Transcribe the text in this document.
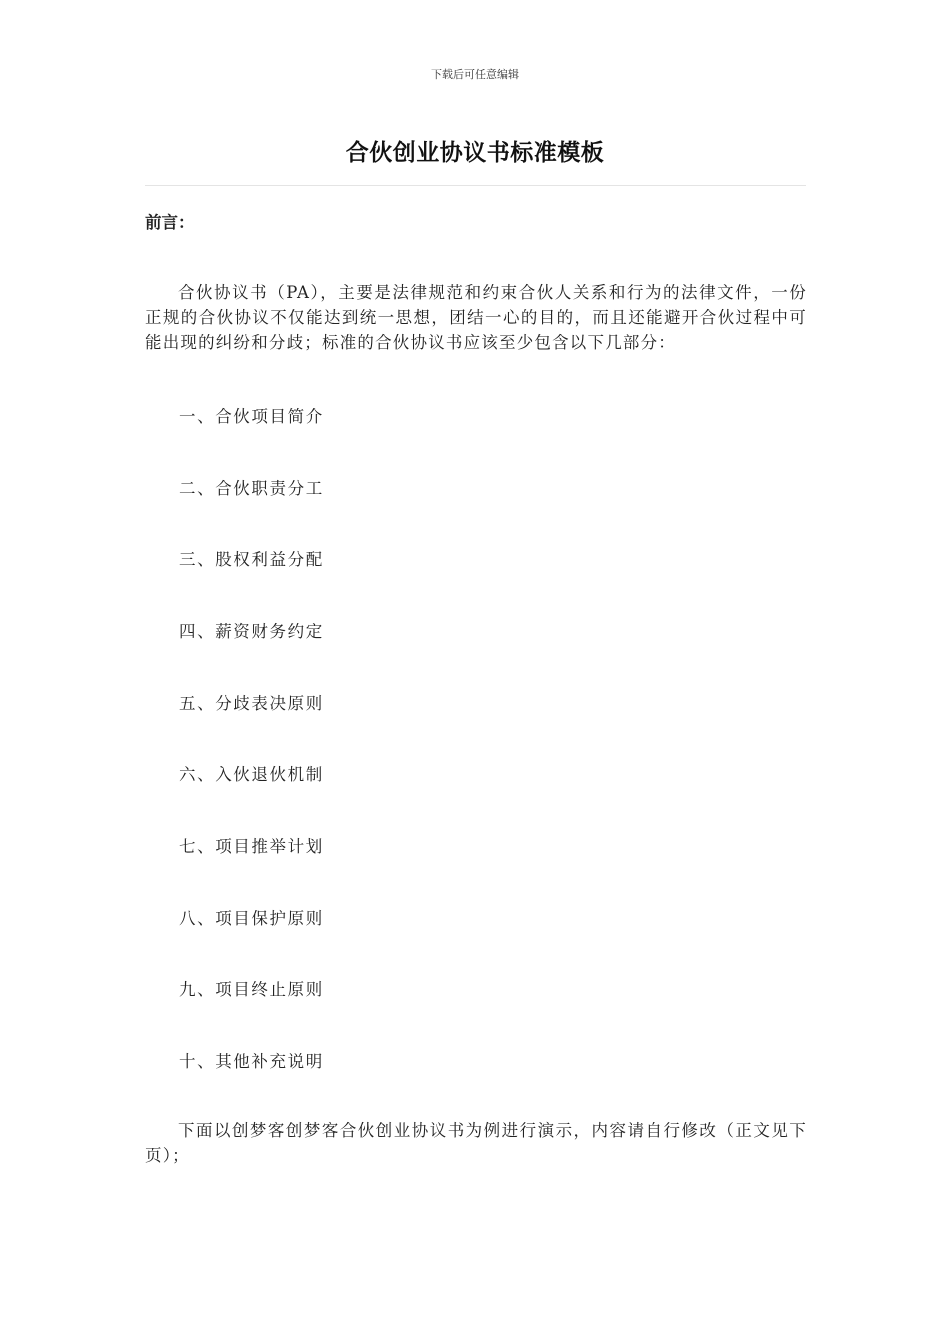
下载后可任意编辑
合伙创业协议书标准模板
前言：

合伙协议书（PA），主要是法律规范和约束合伙人关系和行为的法律文件，一份正规的合伙协议不仅能达到统一思想，团结一心的目的，而且还能避开合伙过程中可能出现的纠纷和分歧；标准的合伙协议书应该至少包含以下几部分：

一、合伙项目简介
二、合伙职责分工
三、股权利益分配
四、薪资财务约定
五、分歧表决原则
六、入伙退伙机制
七、项目推举计划
八、项目保护原则
九、项目终止原则
十、其他补充说明

下面以创梦客创梦客合伙创业协议书为例进行演示，内容请自行修改（正文见下页）；
